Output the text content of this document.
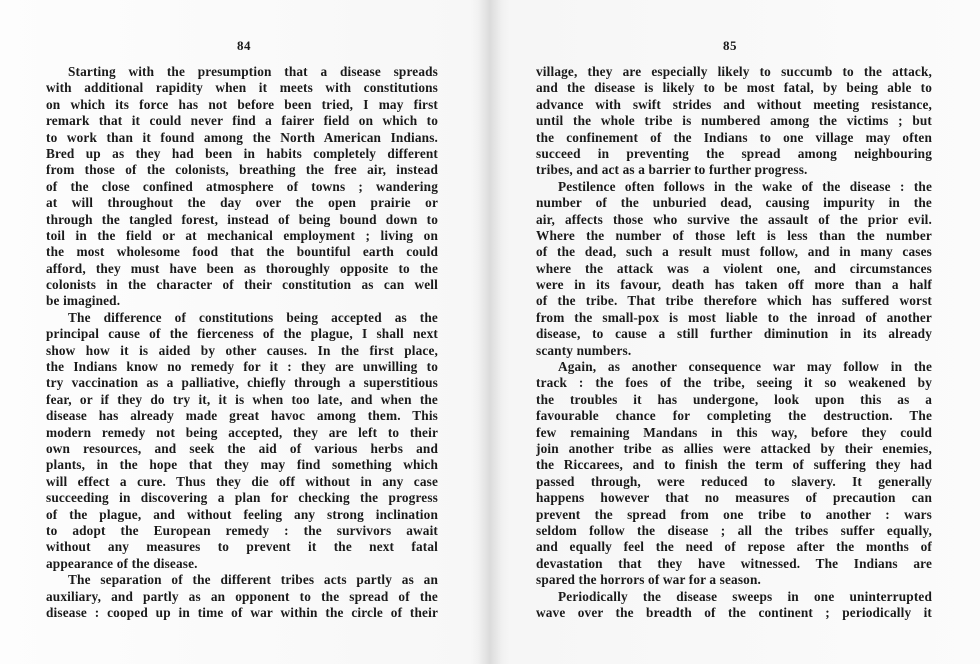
84
Starting with the presumption that a disease spreads
with additional rapidity when it meets with constitutions
on which its force has not before been tried, I may first
remark that it could never find a fairer field on which to
to work than it found among the North American Indians.
Bred up as they had been in habits completely different
from those of the colonists, breathing the free air, instead
of the close confined atmosphere of towns ; wandering
at will throughout the day over the open prairie or
through the tangled forest, instead of being bound down to
toil in the field or at mechanical employment ; living on
the most wholesome food that the bountiful earth could
afford, they must have been as thoroughly opposite to the
colonists in the character of their constitution as can well
be imagined.
The difference of constitutions being accepted as the
principal cause of the fierceness of the plague, I shall next
show how it is aided by other causes. In the first place,
the Indians know no remedy for it : they are unwilling to
try vaccination as a palliative, chiefly through a superstitious
fear, or if they do try it, it is when too late, and when the
disease has already made great havoc among them. This
modern remedy not being accepted, they are left to their
own resources, and seek the aid of various herbs and
plants, in the hope that they may find something which
will effect a cure. Thus they die off without in any case
succeeding in discovering a plan for checking the progress
of the plague, and without feeling any strong inclination
to adopt the European remedy : the survivors await
without any measures to prevent it the next fatal
appearance of the disease.
The separation of the different tribes acts partly as an
auxiliary, and partly as an opponent to the spread of the
disease : cooped up in time of war within the circle of their
85
village, they are especially likely to succumb to the attack,
and the disease is likely to be most fatal, by being able to
advance with swift strides and without meeting resistance,
until the whole tribe is numbered among the victims ; but
the confinement of the Indians to one village may often
succeed in preventing the spread among neighbouring
tribes, and act as a barrier to further progress.
Pestilence often follows in the wake of the disease : the
number of the unburied dead, causing impurity in the
air, affects those who survive the assault of the prior evil.
Where the number of those left is less than the number
of the dead, such a result must follow, and in many cases
where the attack was a violent one, and circumstances
were in its favour, death has taken off more than a half
of the tribe. That tribe therefore which has suffered worst
from the small-pox is most liable to the inroad of another
disease, to cause a still further diminution in its already
scanty numbers.
Again, as another consequence war may follow in the
track : the foes of the tribe, seeing it so weakened by
the troubles it has undergone, look upon this as a
favourable chance for completing the destruction. The
few remaining Mandans in this way, before they could
join another tribe as allies were attacked by their enemies,
the Riccarees, and to finish the term of suffering they had
passed through, were reduced to slavery. It generally
happens however that no measures of precaution can
prevent the spread from one tribe to another : wars
seldom follow the disease ; all the tribes suffer equally,
and equally feel the need of repose after the months of
devastation that they have witnessed. The Indians are
spared the horrors of war for a season.
Periodically the disease sweeps in one uninterrupted
wave over the breadth of the continent ; periodically it
